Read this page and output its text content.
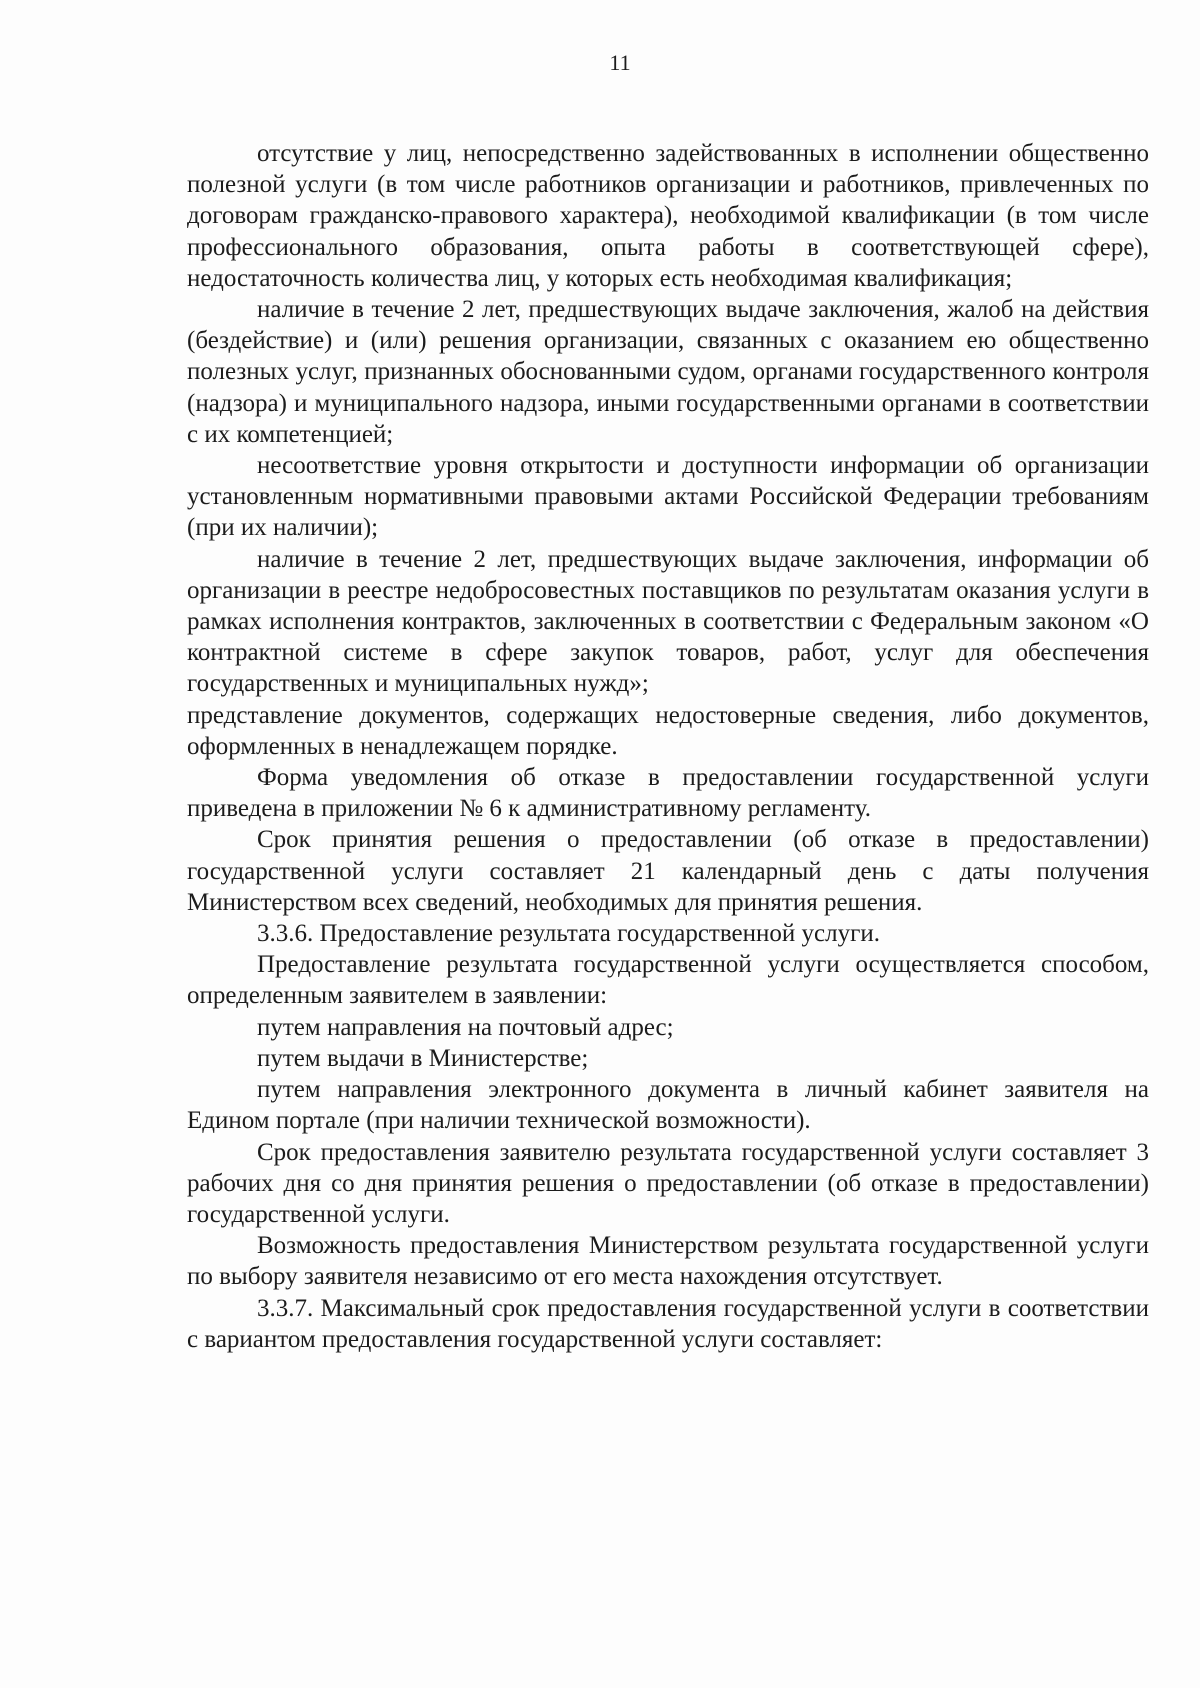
11

отсутствие у лиц, непосредственно задействованных в исполнении общественно полезной услуги (в том числе работников организации и работников, привлеченных по договорам гражданско-правового характера), необходимой квалификации (в том числе профессионального образования, опыта работы в соответствующей сфере), недостаточность количества лиц, у которых есть необходимая квалификация;

наличие в течение 2 лет, предшествующих выдаче заключения, жалоб на действия (бездействие) и (или) решения организации, связанных с оказанием ею общественно полезных услуг, признанных обоснованными судом, органами государственного контроля (надзора) и муниципального надзора, иными государственными органами в соответствии с их компетенцией;

несоответствие уровня открытости и доступности информации об организации установленным нормативными правовыми актами Российской Федерации требованиям (при их наличии);

наличие в течение 2 лет, предшествующих выдаче заключения, информации об организации в реестре недобросовестных поставщиков по результатам оказания услуги в рамках исполнения контрактов, заключенных в соответствии с Федеральным законом «О контрактной системе в сфере закупок товаров, работ, услуг для обеспечения государственных и муниципальных нужд»;

представление документов, содержащих недостоверные сведения, либо документов, оформленных в ненадлежащем порядке.

Форма уведомления об отказе в предоставлении государственной услуги приведена в приложении № 6 к административному регламенту.

Срок принятия решения о предоставлении (об отказе в предоставлении) государственной услуги составляет 21 календарный день с даты получения Министерством всех сведений, необходимых для принятия решения.

3.3.6. Предоставление результата государственной услуги.

Предоставление результата государственной услуги осуществляется способом, определенным заявителем в заявлении:

путем направления на почтовый адрес;

путем выдачи в Министерстве;

путем направления электронного документа в личный кабинет заявителя на Едином портале (при наличии технической возможности).

Срок предоставления заявителю результата государственной услуги составляет 3 рабочих дня со дня принятия решения о предоставлении (об отказе в предоставлении) государственной услуги.

Возможность предоставления Министерством результата государственной услуги по выбору заявителя независимо от его места нахождения отсутствует.

3.3.7. Максимальный срок предоставления государственной услуги в соответствии с вариантом предоставления государственной услуги составляет:
